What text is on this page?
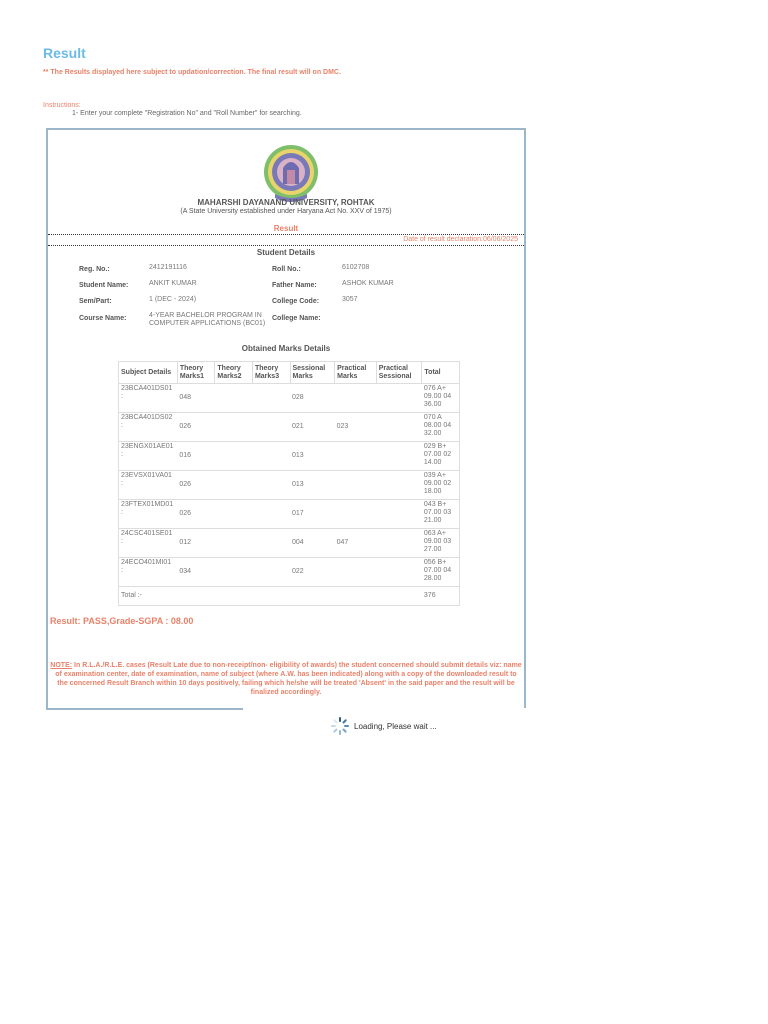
Result
** The Results displayed here subject to updation/correction. The final result will on DMC.
Instructions:
1- Enter your complete "Registration No" and "Roll Number" for searching.
MAHARSHI DAYANAND UNIVERSITY, ROHTAK
(A State University established under Haryana Act No. XXV of 1975)
Result
Date of result declaration:06/06/2025
Student Details
Reg. No.:	2412191116	Roll No.:	6102708
Student Name:	ANKIT KUMAR	Father Name:	ASHOK KUMAR
Sem/Part:	1 (DEC - 2024)	College Code:	3057
Course Name:	4-YEAR BACHELOR PROGRAM IN COMPUTER APPLICATIONS (BC01)
College Name:
Obtained Marks Details
Subject Details	Theory Marks1	Theory Marks2	Theory Marks3	Sessional Marks	Practical Marks	Practical Sessional	Total
23BCA401DS01
:	048			028			076 A+ 09.00 04 36.00
23BCA401DS02
:	026			021	023		070 A 08.00 04 32.00
23ENGX01AE01
:	016			013			029 B+ 07.00 02 14.00
23EVSX01VA01
:	026			013			039 A+ 09.00 02 18.00
23FTEX01MD01
:	026			017			043 B+ 07.00 03 21.00
24CSC401SE01
:	012			004	047		063 A+ 09.00 03 27.00
24ECO401MI01
:	034			022			056 B+ 07.00 04 28.00
Total :-							376
Result: PASS,Grade-SGPA : 08.00
NOTE: In R.L.A./R.L.E. cases (Result Late due to non-receipt/non- eligibility of awards) the student concerned should submit details viz: name of examination center, date of examination, name of subject (where A.W. has been indicated) along with a copy of the downloaded result to the concerned Result Branch within 10 days positively, failing which he/she will be treated 'Absent' in the said paper and the result will be finalized accordingly.
Loading, Please wait ...
